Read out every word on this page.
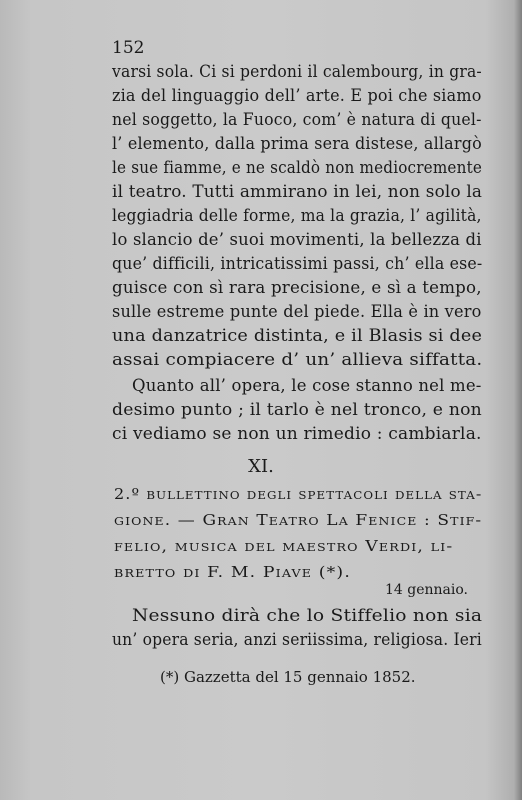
152
varsi sola. Ci si perdoni il calembourg, in gra-
zia del linguaggio dell’ arte. E poi che siamo
nel soggetto, la Fuoco, com’ è natura di quel-
l’ elemento, dalla prima sera distese, allargò
le sue fiamme, e ne scaldò non mediocremente
il teatro. Tutti ammirano in lei, non solo la
leggiadria delle forme, ma la grazia, l’ agilità,
lo slancio de’ suoi movimenti, la bellezza di
que’ difficili, intricatissimi passi, ch’ ella ese-
guisce con sì rara precisione, e sì a tempo,
sulle estreme punte del piede. Ella è in vero
una danzatrice distinta, e il Blasis si dee
assai compiacere d’ un’ allieva siffatta.
Quanto all’ opera, le cose stanno nel me-
desimo punto ; il tarlo è nel tronco, e non
ci vediamo se non un rimedio : cambiarla.
XI.
2.º bullettino degli spettacoli della sta-
gione. — Gran Teatro La Fenice : Stif-
felio, musica del maestro Verdi, li-
bretto di F. M. Piave (*).
14 gennaio.
Nessuno dirà che lo Stiffelio non sia
un’ opera seria, anzi seriissima, religiosa. Ieri
(*) Gazzetta del 15 gennaio 1852.
